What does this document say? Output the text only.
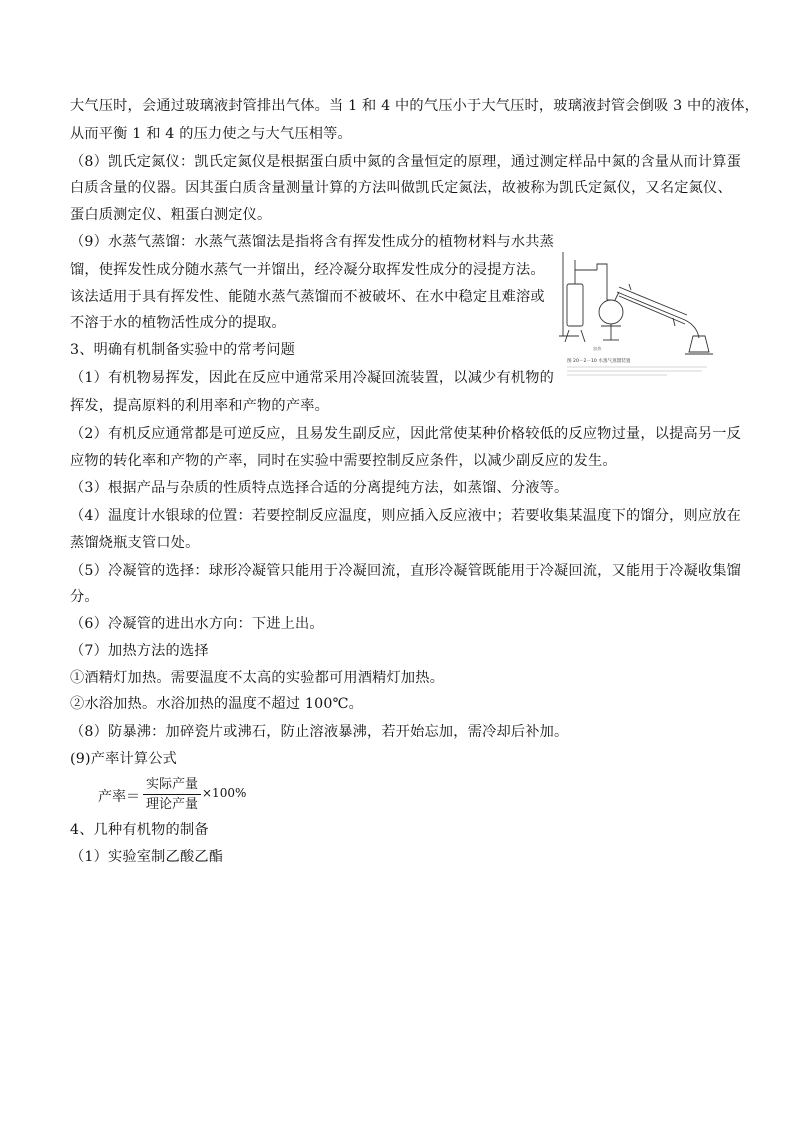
大气压时，会通过玻璃液封管排出气体。当 1 和 4 中的气压小于大气压时，玻璃液封管会倒吸 3 中的液体，
从而平衡 1 和 4 的压力使之与大气压相等。
（8）凯氏定氮仪：凯氏定氮仪是根据蛋白质中氮的含量恒定的原理，通过测定样品中氮的含量从而计算蛋
白质含量的仪器。因其蛋白质含量测量计算的方法叫做凯氏定氮法，故被称为凯氏定氮仪，又名定氮仪、
蛋白质测定仪、粗蛋白测定仪。
（9）水蒸气蒸馏：水蒸气蒸馏法是指将含有挥发性成分的植物材料与水共蒸
馏，使挥发性成分随水蒸气一并馏出，经冷凝分取挥发性成分的浸提方法。
该法适用于具有挥发性、能随水蒸气蒸馏而不被破坏、在水中稳定且难溶或
不溶于水的植物活性成分的提取。
3、明确有机制备实验中的常考问题
（1）有机物易挥发，因此在反应中通常采用冷凝回流装置，以减少有机物的
挥发，提高原料的利用率和产物的产率。
（2）有机反应通常都是可逆反应，且易发生副反应，因此常使某种价格较低的反应物过量，以提高另一反
应物的转化率和产物的产率，同时在实验中需要控制反应条件，以减少副反应的发生。
（3）根据产品与杂质的性质特点选择合适的分离提纯方法，如蒸馏、分液等。
（4）温度计水银球的位置：若要控制反应温度，则应插入反应液中；若要收集某温度下的馏分，则应放在
蒸馏烧瓶支管口处。
（5）冷凝管的选择：球形冷凝管只能用于冷凝回流，直形冷凝管既能用于冷凝回流，又能用于冷凝收集馏
分。
（6）冷凝管的进出水方向：下进上出。
（7）加热方法的选择
①酒精灯加热。需要温度不太高的实验都可用酒精灯加热。
②水浴加热。水浴加热的温度不超过 100℃。
（8）防暴沸：加碎瓷片或沸石，防止溶液暴沸，若开始忘加，需冷却后补加。
(9)产率计算公式
产率＝
实际产量
理论产量
×100%
4、几种有机物的制备
（1）实验室制乙酸乙酯
加热
图 20－2－10 水蒸气蒸馏装置
